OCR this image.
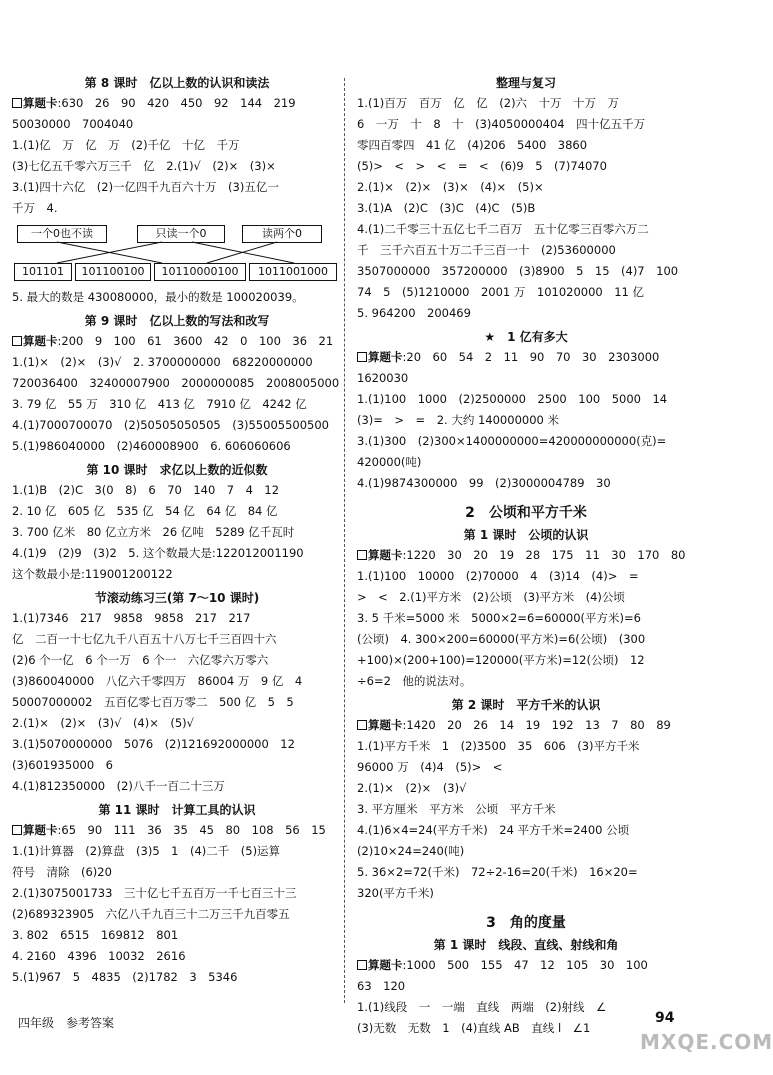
第 8 课时　亿以上数的认识和读法
算题卡:630　26　90　420　450　92　144　219
50030000　7004040
1.(1)亿　万　亿　万　(2)千亿　十亿　千万
(3)七亿五千零六万三千　亿　2.(1)√　(2)×　(3)×
3.(1)四十六亿　(2)一亿四千九百六十万　(3)五亿一
千万　4.
一个0也不读	只读一个0	读两个0
101101	101100100	10110000100	1011001000
5. 最大的数是 430080000，最小的数是 100020039。
第 9 课时　亿以上数的写法和改写
算题卡:200　9　100　61　3600　42　0　100　36　21
1.(1)×　(2)×　(3)√　2. 3700000000　68220000000
720036400　32400007900　2000000085　2008005000
3. 79 亿　55 万　310 亿　413 亿　7910 亿　4242 亿
4.(1)7000700070　(2)50505050505　(3)55005500500
5.(1)986040000　(2)460008900　6. 606060606
第 10 课时　求亿以上数的近似数
1.(1)B　(2)C　3(0　8)　6　70　140　7　4　12
2. 10 亿　605 亿　535 亿　54 亿　64 亿　84 亿
3. 700 亿米　80 亿立方米　26 亿吨　5289 亿千瓦时
4.(1)9　(2)9　(3)2　5. 这个数最大是:122012001190
这个数最小是:119001200122
节滚动练习三(第 7～10 课时)
1.(1)7346　217　9858　9858　217　217
亿　二百一十七亿九千八百五十八万七千三百四十六
(2)6 个一亿　6 个一万　6 个一　六亿零六万零六
(3)860040000　八亿六千零四万　86004 万　9 亿　4
50007000002　五百亿零七百万零二　500 亿　5　5
2.(1)×　(2)×　(3)√　(4)×　(5)√
3.(1)5070000000　5076　(2)121692000000　12
(3)601935000　6
4.(1)812350000　(2)八千一百二十三万
第 11 课时　计算工具的认识
算题卡:65　90　111　36　35　45　80　108　56　15
1.(1)计算器　(2)算盘　(3)5　1　(4)二千　(5)运算
符号　清除　(6)20
2.(1)3075001733　三十亿七千五百万一千七百三十三
(2)689323905　六亿八千九百三十二万三千九百零五
3. 802　6515　169812　801
4. 2160　4396　10032　2616
5.(1)967　5　4835　(2)1782　3　5346
整理与复习
1.(1)百万　百万　亿　亿　(2)六　十万　十万　万
6　一万　十　8　十　(3)4050000404　四十亿五千万
零四百零四　41 亿　(4)206　5400　3860
(5)>　<　>　<　=　<　(6)9　5　(7)74070
2.(1)×　(2)×　(3)×　(4)×　(5)×
3.(1)A　(2)C　(3)C　(4)C　(5)B
4.(1)二千零三十五亿七千二百万　五十亿零三百零六万二
千　三千六百五十万二千三百一十　(2)53600000
3507000000　357200000　(3)8900　5　15　(4)7　100
74　5　(5)1210000　2001 万　101020000　11 亿
5. 964200　200469
★　1 亿有多大
算题卡:20　60　54　2　11　90　70　30　2303000
1620030
1.(1)100　1000　(2)2500000　2500　100　5000　14
(3)=　>　=　2. 大约 140000000 米
3.(1)300　(2)300×1400000000=420000000000(克)=
420000(吨)
4.(1)9874300000　99　(2)3000004789　30
2　公顷和平方千米
第 1 课时　公顷的认识
算题卡:1220　30　20　19　28　175　11　30　170　80
1.(1)100　10000　(2)70000　4　(3)14　(4)>　=
>　<　2.(1)平方米　(2)公顷　(3)平方米　(4)公顷
3. 5 千米=5000 米　5000×2=6=60000(平方米)=6
(公顷)　4. 300×200=60000(平方米)=6(公顷)　(300
+100)×(200+100)=120000(平方米)=12(公顷)　12
÷6=2　他的说法对。
第 2 课时　平方千米的认识
算题卡:1420　20　26　14　19　192　13　7　80　89
1.(1)平方千米　1　(2)3500　35　606　(3)平方千米
96000 万　(4)4　(5)>　<
2.(1)×　(2)×　(3)√
3. 平方厘米　平方米　公顷　平方千米
4.(1)6×4=24(平方千米)　24 平方千米=2400 公顷
(2)10×24=240(吨)
5. 36×2=72(千米)　72÷2-16=20(千米)　16×20=
320(平方千米)
3　角的度量
第 1 课时　线段、直线、射线和角
算题卡:1000　500　155　47　12　105　30　100
63　120
1.(1)线段　一　一端　直线　两端　(2)射线　∠
(3)无数　无数　1　(4)直线 AB　直线 l　∠1
四年级　参考答案	94
MXQE.COM
